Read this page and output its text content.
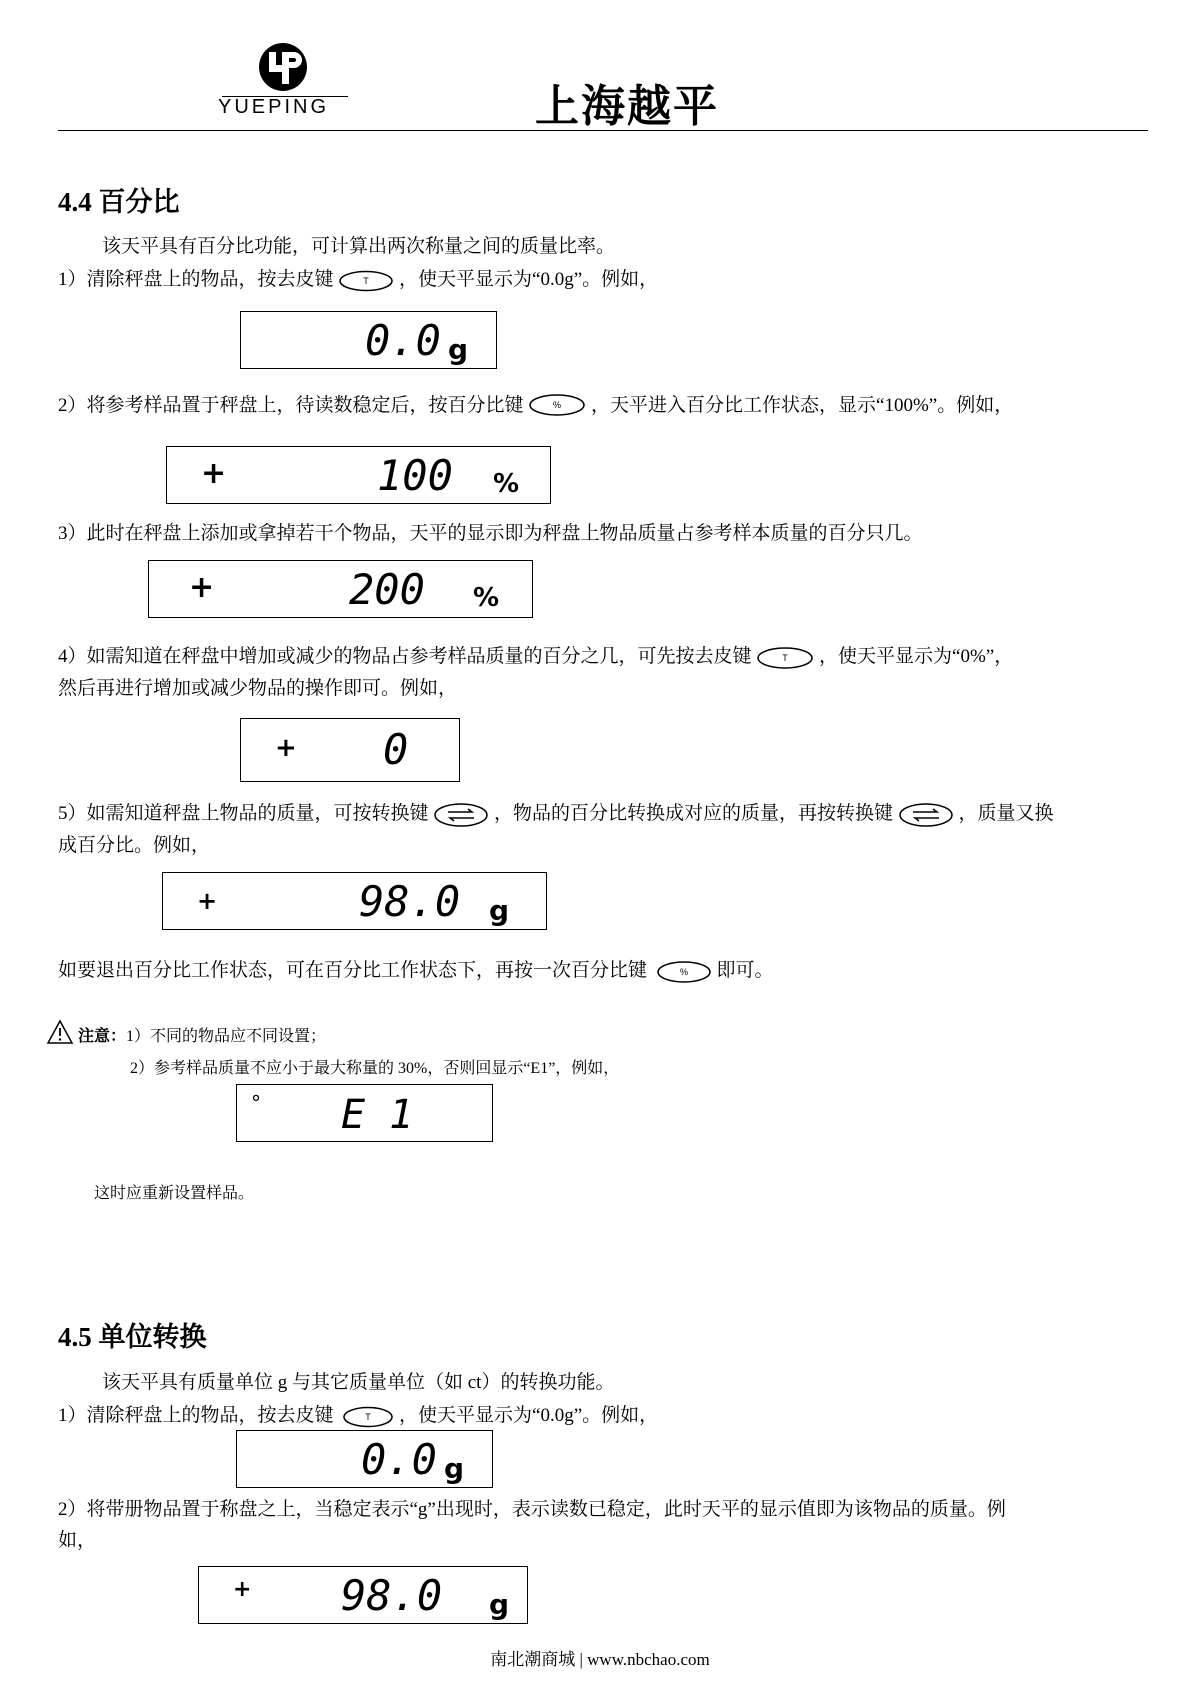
YUEPING	上海越平
4.4 百分比
该天平具有百分比功能，可计算出两次称量之间的质量比率。
1）清除秤盘上的物品，按去皮键	T ，使天平显示为“0.0g”。例如，
0.0 g
2）将参考样品置于秤盘上，待读数稳定后，按百分比键	% ，天平进入百分比工作状态，显示“100%”。例如，
+	100 %
3）此时在秤盘上添加或拿掉若干个物品，天平的显示即为秤盘上物品质量占参考样本质量的百分只几。
+	200 %
4）如需知道在秤盘中增加或减少的物品占参考样品质量的百分之几，可先按去皮键	T ，使天平显示为“0%”，
然后再进行增加或减少物品的操作即可。例如，
+ 0
5）如需知道秤盘上物品的质量，可按转换键	，物品的百分比转换成对应的质量，再按转换键	，质量又换
成百分比。例如，
+	98.0 g
如要退出百分比工作状态，可在百分比工作状态下，再按一次百分比键	% 即可。
注意：1）不同的物品应不同设置；
2）参考样品质量不应小于最大称量的 30%，否则回显示“E1”，例如，
° E 1
这时应重新设置样品。
4.5 单位转换
该天平具有质量单位 g 与其它质量单位（如 ct）的转换功能。
1）清除秤盘上的物品，按去皮键	T ，使天平显示为“0.0g”。例如，
0.0 g
2）将带册物品置于称盘之上，当稳定表示“g”出现时，表示读数已稳定，此时天平的显示值即为该物品的质量。例
如，
+ 98.0 g
南北潮商城 | www.nbchao.com
